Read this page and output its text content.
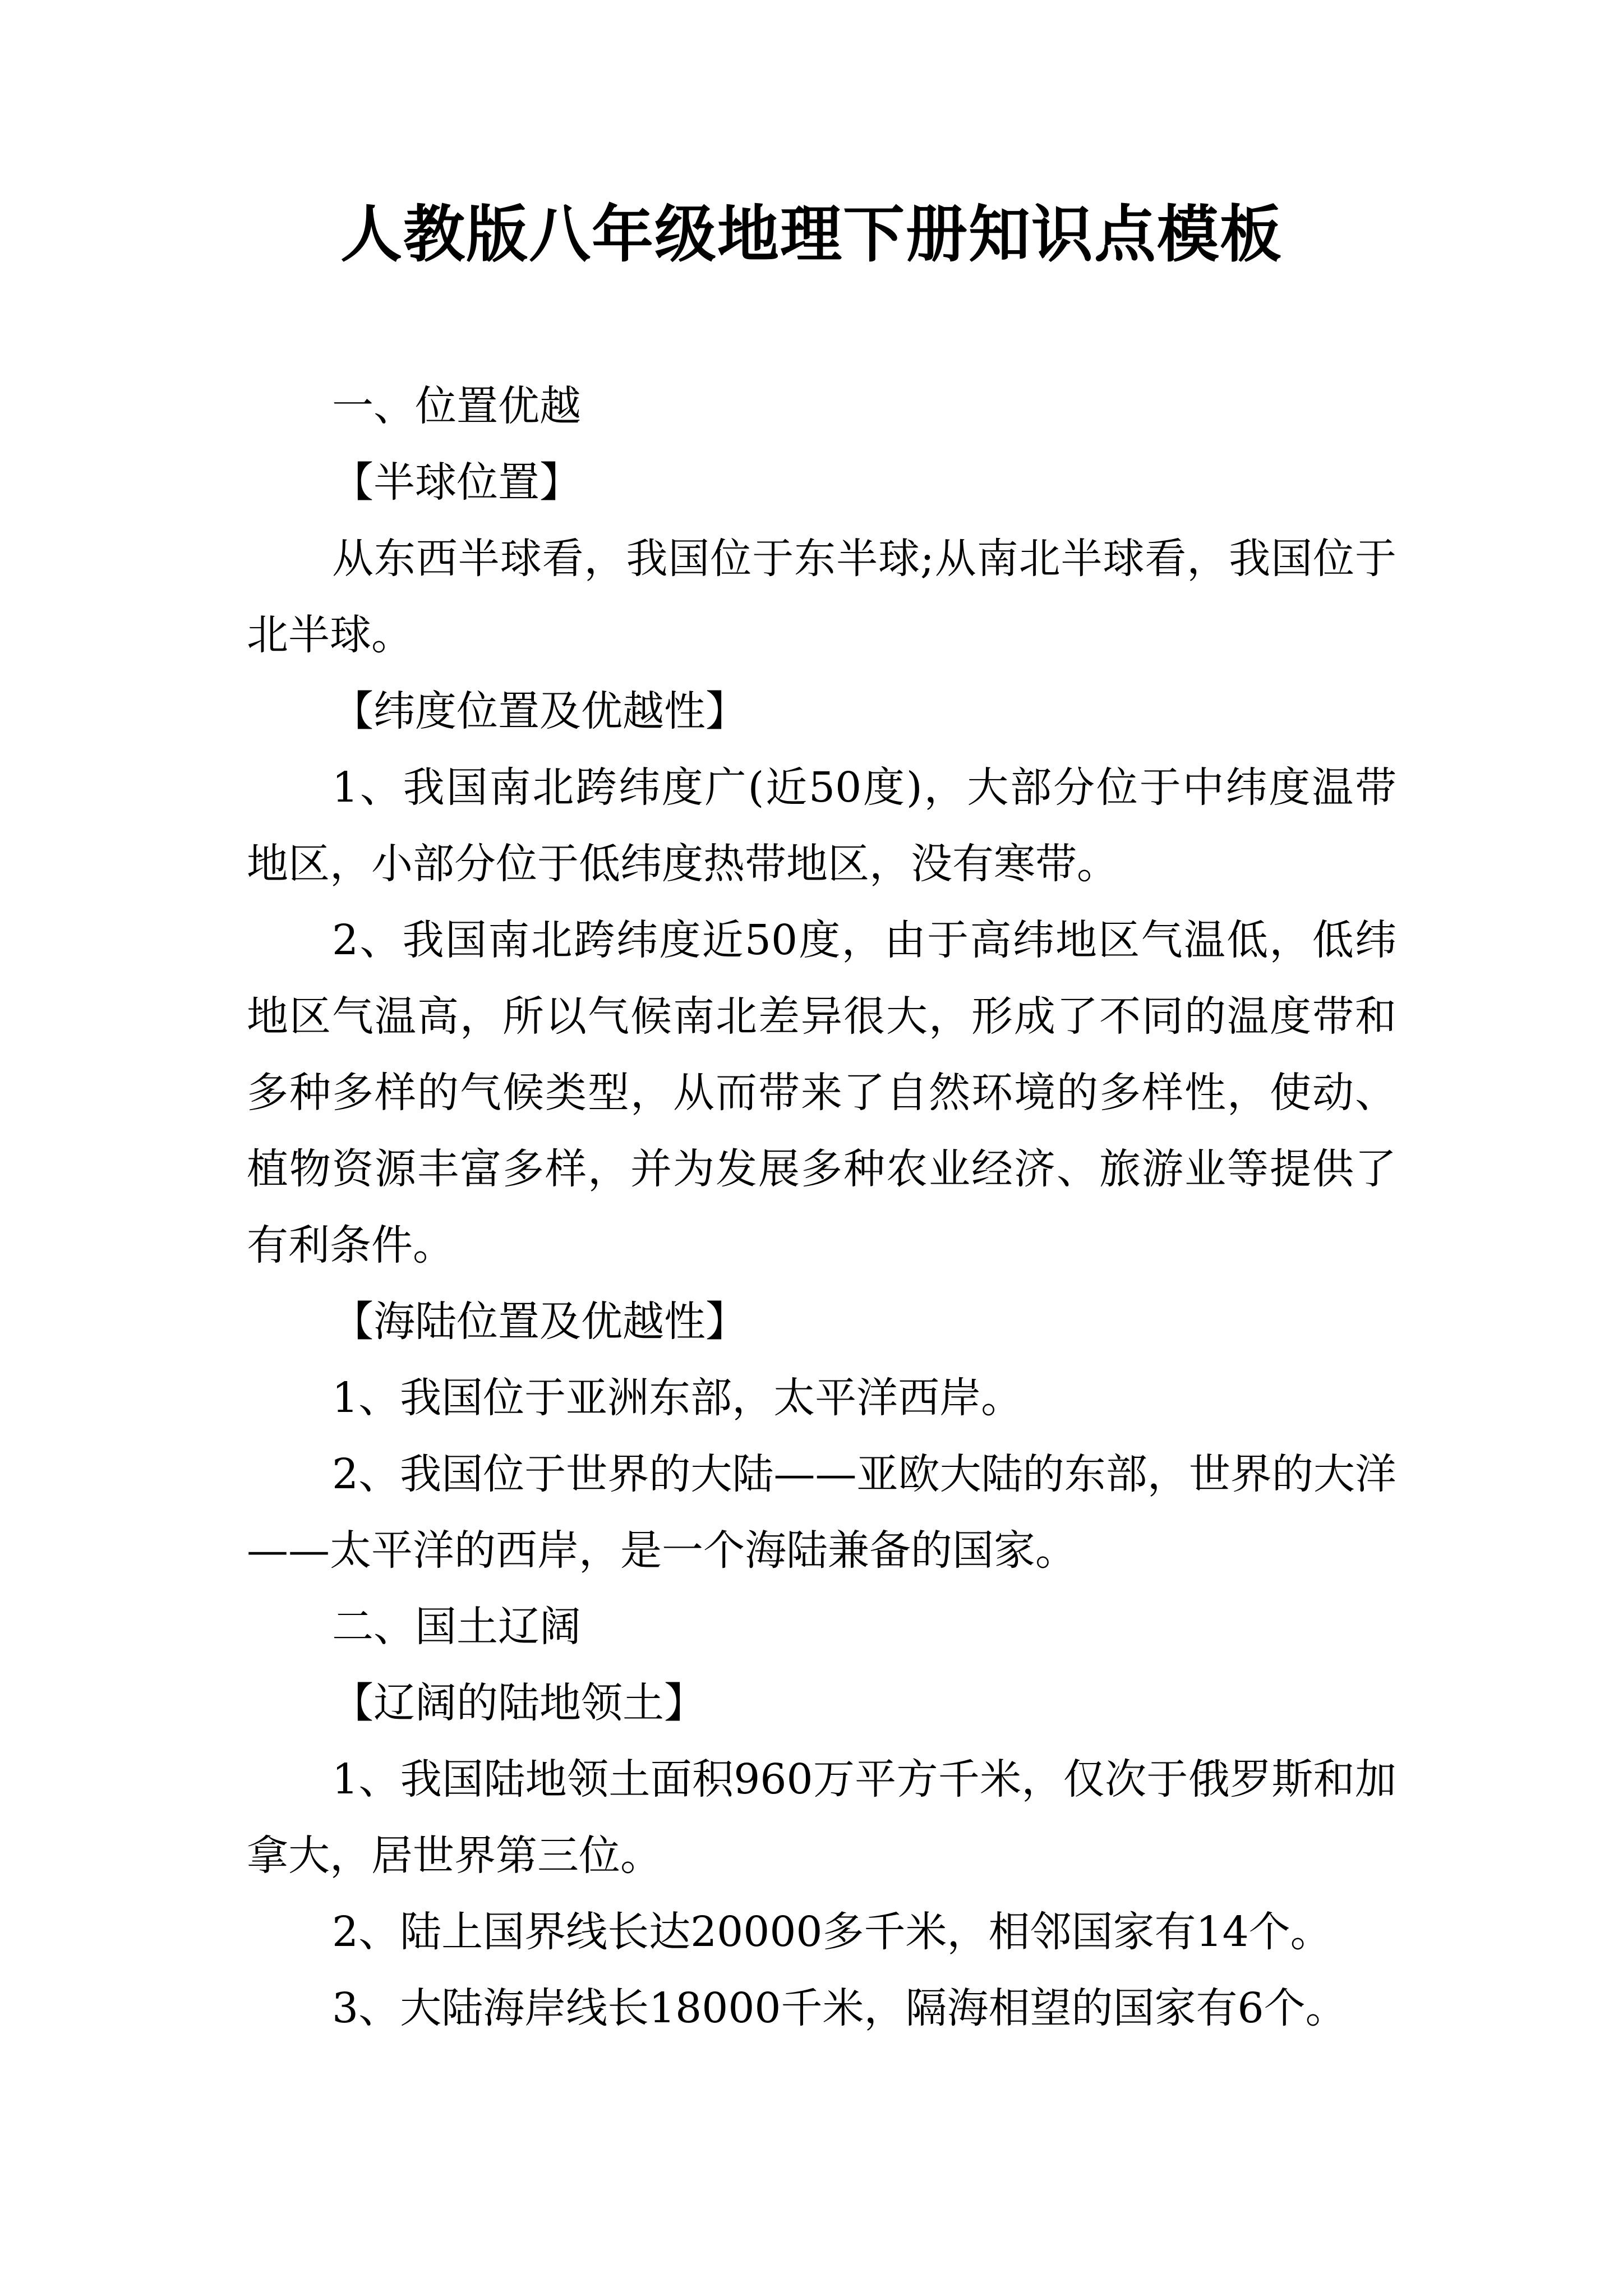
人教版八年级地理下册知识点模板

一、位置优越

【半球位置】

从东西半球看，我国位于东半球;从南北半球看，我国位于北半球。

【纬度位置及优越性】

1、我国南北跨纬度广(近50度)，大部分位于中纬度温带地区，小部分位于低纬度热带地区，没有寒带。

2、我国南北跨纬度近50度，由于高纬地区气温低，低纬地区气温高，所以气候南北差异很大，形成了不同的温度带和多种多样的气候类型，从而带来了自然环境的多样性，使动、植物资源丰富多样，并为发展多种农业经济、旅游业等提供了有利条件。

【海陆位置及优越性】

1、我国位于亚洲东部，太平洋西岸。

2、我国位于世界的大陆——亚欧大陆的东部，世界的大洋——太平洋的西岸，是一个海陆兼备的国家。

二、国土辽阔

【辽阔的陆地领土】

1、我国陆地领土面积960万平方千米，仅次于俄罗斯和加拿大，居世界第三位。

2、陆上国界线长达20000多千米，相邻国家有14个。

3、大陆海岸线长18000千米，隔海相望的国家有6个。
